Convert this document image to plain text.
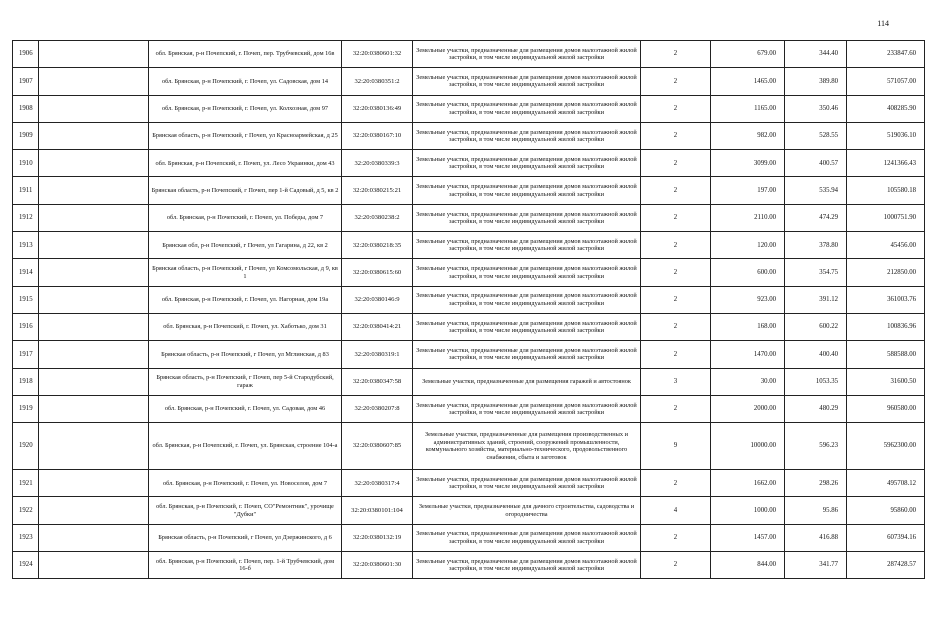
114
1906		обл. Брянская, р-н Почепский, г. Почеп, пер. Трубчевский, дом 16в	32:20:0380601:32	Земельные участки, предназначенные для размещения домов малоэтажной жилой застройки, в том числе индивидуальной жилой застройки	2	679.00	344.40	233847.60
1907		обл. Брянская, р-н Почепский, г. Почеп, ул. Садовская, дом 14	32:20:0380351:2	Земельные участки, предназначенные для размещения домов малоэтажной жилой застройки, в том числе индивидуальной жилой застройки	2	1465.00	389.80	571057.00
1908		обл. Брянская, р-н Почепский, г. Почеп, ул. Колхозная, дом 97	32:20:0380136:49	Земельные участки, предназначенные для размещения домов малоэтажной жилой застройки, в том числе индивидуальной жилой застройки	2	1165.00	350.46	408285.90
1909		Брянская область, р-н Почепский, г Почеп, ул Красноармейская, д 25	32:20:0380167:10	Земельные участки, предназначенные для размещения домов малоэтажной жилой застройки, в том числе индивидуальной жилой застройки	2	982.00	528.55	519036.10
1910		обл. Брянская, р-н Почепский, г. Почеп, ул. Лесо Украинки, дом 43	32:20:0380339:3	Земельные участки, предназначенные для размещения домов малоэтажной жилой застройки, в том числе индивидуальной жилой застройки	2	3099.00	400.57	1241366.43
1911		Брянская область, р-н Почепский, г Почеп, пер 1-й Садовый, д 5, кв 2	32:20:0380215:21	Земельные участки, предназначенные для размещения домов малоэтажной жилой застройки, в том числе индивидуальной жилой застройки	2	197.00	535.94	105580.18
1912		обл. Брянская, р-н Почепский, г. Почеп, ул. Победы, дом 7	32:20:0380238:2	Земельные участки, предназначенные для размещения домов малоэтажной жилой застройки, в том числе индивидуальной жилой застройки	2	2110.00	474.29	1000751.90
1913		Брянская обл, р-н Почепский, г Почеп, ул Гагарина, д 22, кв 2	32:20:0380218:35	Земельные участки, предназначенные для размещения домов малоэтажной жилой застройки, в том числе индивидуальной жилой застройки	2	120.00	378.80	45456.00
1914		Брянская область, р-н Почепский, г Почеп, ул Комсомольская, д 9, кв 1	32:20:0380615:60	Земельные участки, предназначенные для размещения домов малоэтажной жилой застройки, в том числе индивидуальной жилой застройки	2	600.00	354.75	212850.00
1915		обл. Брянская, р-н Почепский, г. Почеп, ул. Нагорная, дом 19а	32:20:0380146:9	Земельные участки, предназначенные для размещения домов малоэтажной жилой застройки, в том числе индивидуальной жилой застройки	2	923.00	391.12	361003.76
1916		обл. Брянская, р-н Почепский, г. Почеп, ул. Хаботько, дом 31	32:20:0380414:21	Земельные участки, предназначенные для размещения домов малоэтажной жилой застройки, в том числе индивидуальной жилой застройки	2	168.00	600.22	100836.96
1917		Брянская область, р-н Почепский, г Почеп, ул Мглинская, д 83	32:20:0380319:1	Земельные участки, предназначенные для размещения домов малоэтажной жилой застройки, в том числе индивидуальной жилой застройки	2	1470.00	400.40	588588.00
1918		Брянская область, р-н Почепский, г Почеп, пер 5-й Стародубский, гараж	32:20:0380347:58	Земельные участки, предназначенные для размещения гаражей и автостоянок	3	30.00	1053.35	31600.50
1919		обл. Брянская, р-н Почепский, г. Почеп, ул. Садовая, дом 46	32:20:0380207:8	Земельные участки, предназначенные для размещения домов малоэтажной жилой застройки, в том числе индивидуальной жилой застройки	2	2000.00	480.29	960580.00
1920		обл. Брянская, р-н Почепский, г. Почеп, ул. Брянская, строение 104-а	32:20:0380607:85	Земельные участки, предназначенные для размещения производственных и административных зданий, строений, сооружений промышленности, коммунального хозяйства, материально-технического, продовольственного снабжения, сбыта и заготовок	9	10000.00	596.23	5962300.00
1921		обл. Брянская, р-н Почепский, г. Почеп, ул. Новоселов, дом 7	32:20:0380317:4	Земельные участки, предназначенные для размещения домов малоэтажной жилой застройки, в том числе индивидуальной жилой застройки	2	1662.00	298.26	495708.12
1922		обл. Брянская, р-н Почепский, г. Почеп, СО"Ремонтник", урочище "Дубки"	32:20:0380101:104	Земельные участки, предназначенные для дачного строительства, садоводства и огородничества	4	1000.00	95.86	95860.00
1923		Брянская область, р-н Почепский, г Почеп, ул Дзержинского, д 6	32:20:0380132:19	Земельные участки, предназначенные для размещения домов малоэтажной жилой застройки, в том числе индивидуальной жилой застройки	2	1457.00	416.88	607394.16
1924		обл. Брянская, р-н Почепский, г. Почеп, пер. 1-й Трубчевский, дом 16-б	32:20:0380601:30	Земельные участки, предназначенные для размещения домов малоэтажной жилой застройки, в том числе индивидуальной жилой застройки	2	844.00	341.77	287428.57
